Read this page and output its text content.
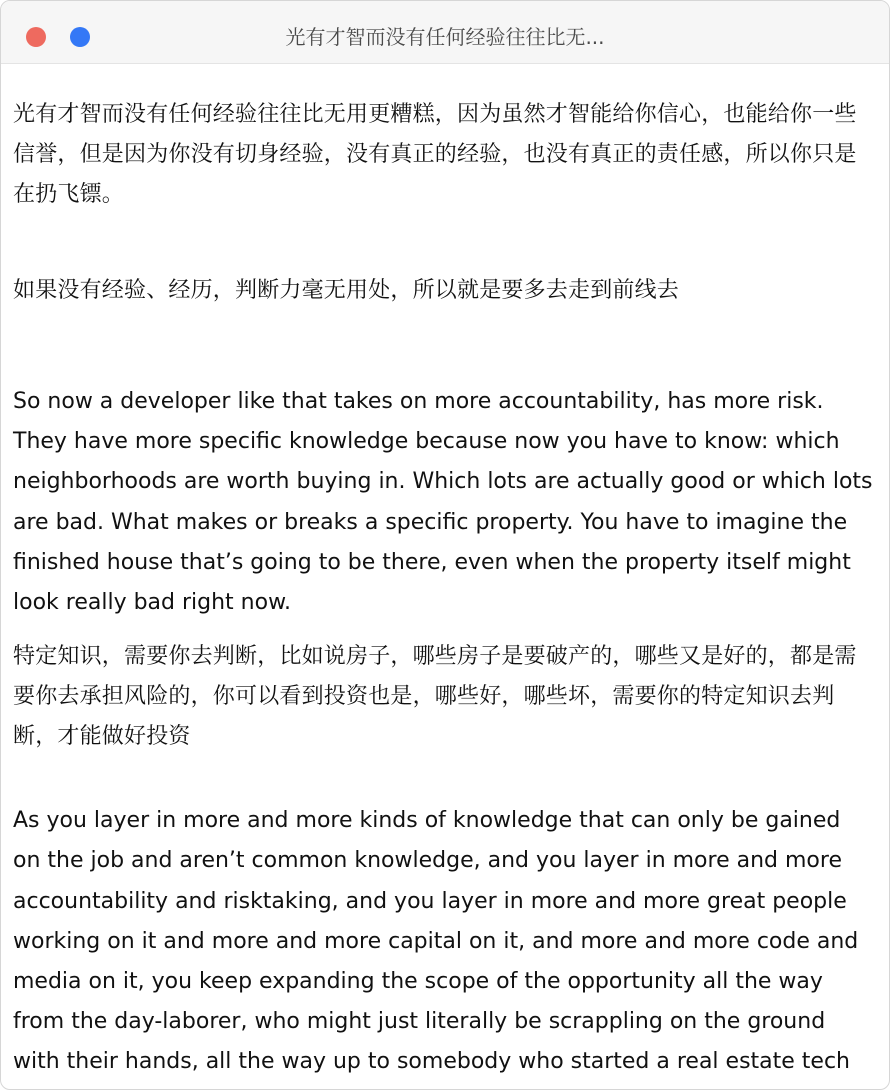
光有才智而没有任何经验往往比无...

光有才智而没有任何经验往往比无用更糟糕，因为虽然才智能给你信心，也能给你一些信誉，但是因为你没有切身经验，没有真正的经验，也没有真正的责任感，所以你只是在扔飞镖。

如果没有经验、经历，判断力毫无用处，所以就是要多去走到前线去

So now a developer like that takes on more accountability, has more risk. They have more specific knowledge because now you have to know: which neighborhoods are worth buying in. Which lots are actually good or which lots are bad. What makes or breaks a specific property. You have to imagine the finished house that’s going to be there, even when the property itself might look really bad right now.

特定知识，需要你去判断，比如说房子，哪些房子是要破产的，哪些又是好的，都是需要你去承担风险的，你可以看到投资也是，哪些好，哪些坏，需要你的特定知识去判断，才能做好投资

As you layer in more and more kinds of knowledge that can only be gained on the job and aren’t common knowledge, and you layer in more and more accountability and risktaking, and you layer in more and more great people working on it and more and more capital on it, and more and more code and media on it, you keep expanding the scope of the opportunity all the way from the day-laborer, who might just literally be scrappling on the ground with their hands, all the way up to somebody who started a real estate tech
